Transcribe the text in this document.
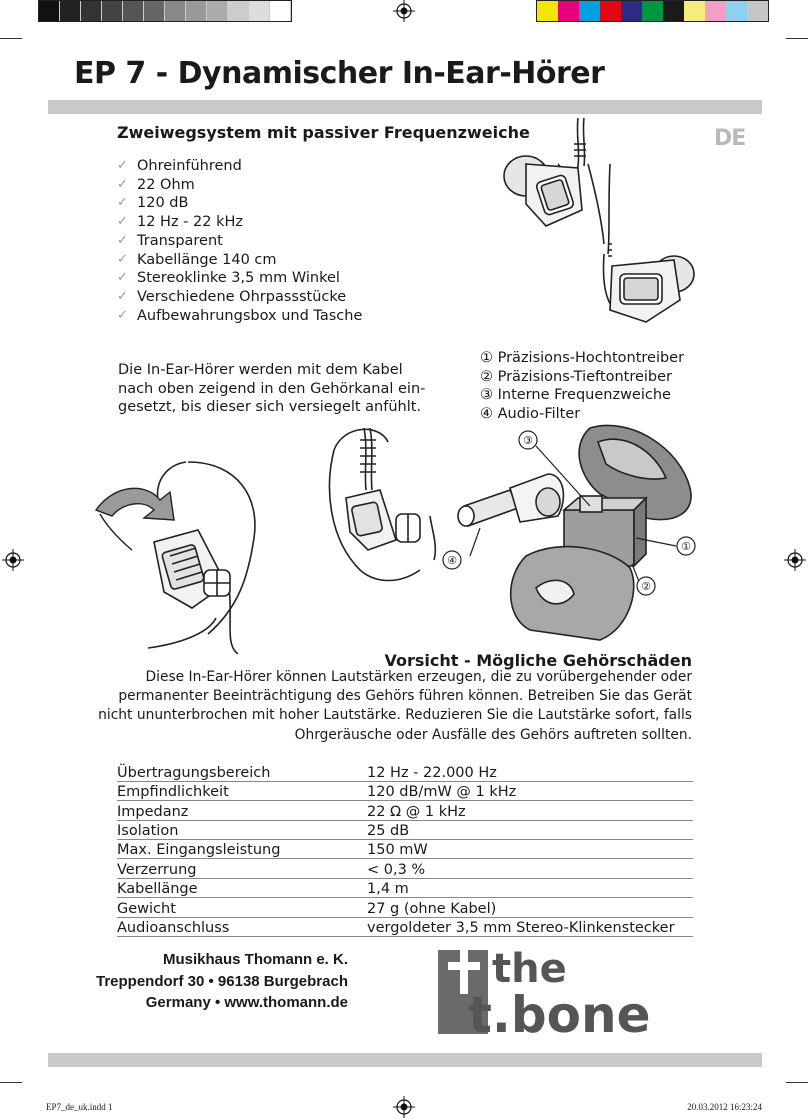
EP 7 - Dynamischer In-Ear-Hörer
Zweiwegsystem mit passiver Frequenzweiche	DE
✓ Ohreinführend
✓ 22 Ohm
✓ 120 dB
✓ 12 Hz - 22 kHz
✓ Transparent
✓ Kabellänge 140 cm
✓ Stereoklinke 3,5 mm Winkel
✓ Verschiedene Ohrpassstücke
✓ Aufbewahrungsbox und Tasche
Die In-Ear-Hörer werden mit dem Kabel nach oben zeigend in den Gehörkanal ein-gesetzt, bis dieser sich versiegelt anfühlt.
① Präzisions-Hochtontreiber
② Präzisions-Tieftontreiber
③ Interne Frequenzweiche
④ Audio-Filter
③
①
②
④
Vorsicht - Mögliche Gehörschäden
Diese In-Ear-Hörer können Lautstärken erzeugen, die zu vorübergehender oder permanenter Beeinträchtigung des Gehörs führen können. Betreiben Sie das Gerät nicht ununterbrochen mit hoher Lautstärke. Reduzieren Sie die Lautstärke sofort, falls Ohrgeräusche oder Ausfälle des Gehörs auftreten sollten.
Übertragungsbereich	12 Hz - 22.000 Hz
Empfindlichkeit	120 dB/mW @ 1 kHz
Impedanz	22 Ω @ 1 kHz
Isolation	25 dB
Max. Eingangsleistung	150 mW
Verzerrung	< 0,3 %
Kabellänge	1,4 m
Gewicht	27 g (ohne Kabel)
Audioanschluss	vergoldeter 3,5 mm Stereo-Klinkenstecker
Musikhaus Thomann e. K.
Treppendorf 30 • 96138 Burgebrach
Germany • www.thomann.de
the
t.bone
EP7_de_uk.indd 1	20.03.2012 16:23:24
